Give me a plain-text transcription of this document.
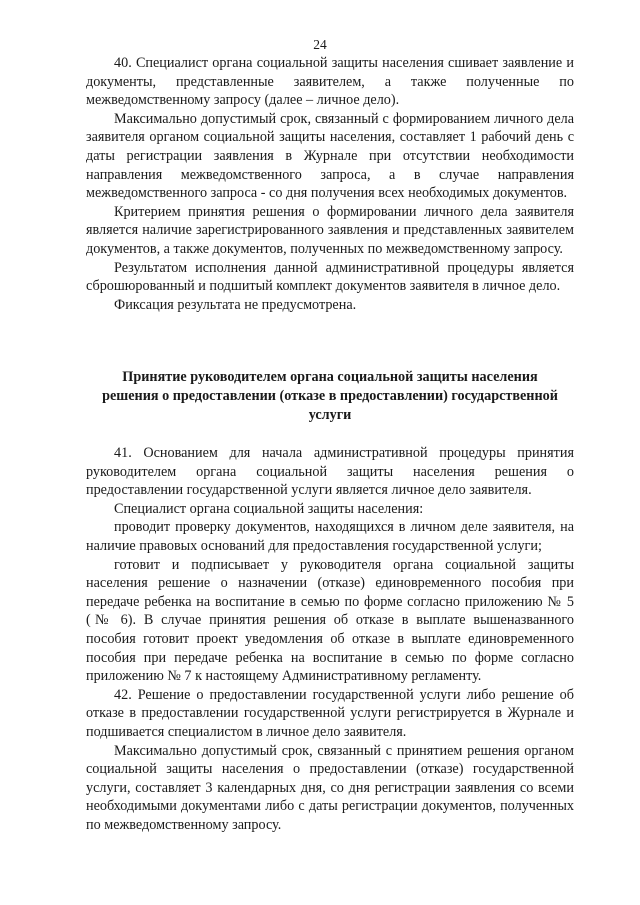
24

40. Специалист органа социальной защиты населения сшивает заявление и документы, представленные заявителем, а также полученные по межведомственному запросу (далее – личное дело).

Максимально допустимый срок, связанный с формированием личного дела заявителя органом социальной защиты населения, составляет 1 рабочий день с даты регистрации заявления в Журнале при отсутствии необходимости направления межведомственного запроса, а в случае направления межведомственного запроса - со дня получения всех необходимых документов.

Критерием принятия решения о формировании личного дела заявителя является наличие зарегистрированного заявления и представленных заявителем документов, а также документов, полученных по межведомственному запросу.

Результатом исполнения данной административной процедуры является сброшюрованный и подшитый комплект документов заявителя в личное дело.

Фиксация результата не предусмотрена.

Принятие руководителем органа социальной защиты населения
решения о предоставлении (отказе в предоставлении) государственной
услуги

41. Основанием для начала административной процедуры принятия руководителем органа социальной защиты населения решения о предоставлении государственной услуги является личное дело заявителя.

Специалист органа социальной защиты населения:

проводит проверку документов, находящихся в личном деле заявителя, на наличие правовых оснований для предоставления государственной услуги;

готовит и подписывает у руководителя органа социальной защиты населения решение о назначении (отказе) единовременного пособия при передаче ребенка на воспитание в семью по форме согласно приложению № 5 (№ 6). В случае принятия решения об отказе в выплате вышеназванного пособия готовит проект уведомления об отказе в выплате единовременного пособия при передаче ребенка на воспитание в семью по форме согласно приложению № 7 к настоящему Административному регламенту.

42. Решение о предоставлении государственной услуги либо решение об отказе в предоставлении государственной услуги регистрируется в Журнале и подшивается специалистом в личное дело заявителя.

Максимально допустимый срок, связанный с принятием решения органом социальной защиты населения о предоставлении (отказе) государственной услуги, составляет 3 календарных дня, со дня регистрации заявления со всеми необходимыми документами либо с даты регистрации документов, полученных по межведомственному запросу.
